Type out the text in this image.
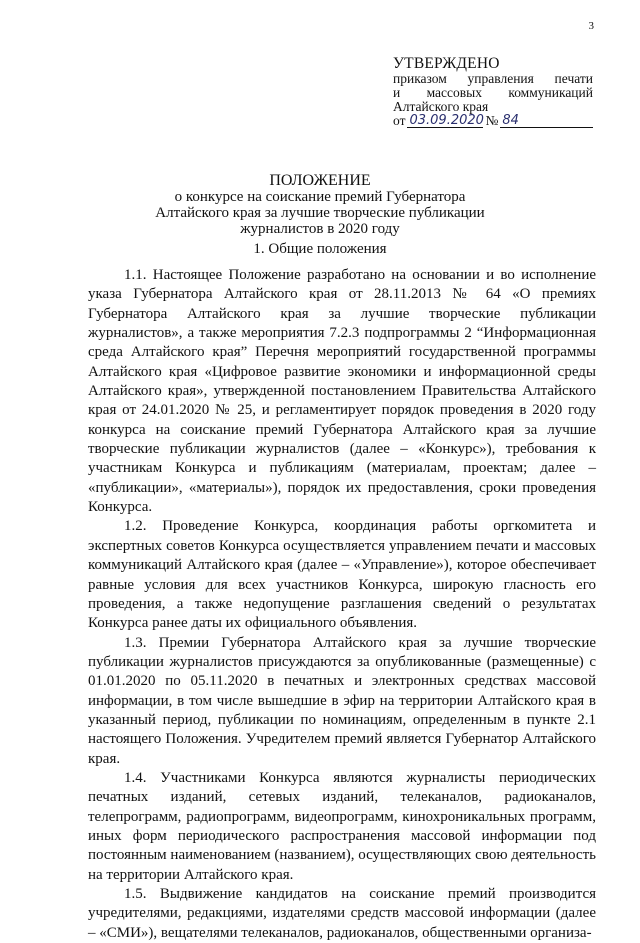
3
УТВЕРЖДЕНО
приказом управления печати
и массовых коммуникаций
Алтайского края
от 03.09.2020 № 84
ПОЛОЖЕНИЕ
о конкурсе на соискание премий Губернатора
Алтайского края за лучшие творческие публикации
журналистов в 2020 году
1. Общие положения

1.1. Настоящее Положение разработано на основании и во исполнение указа Губернатора Алтайского края от 28.11.2013 № 64 «О премиях Губернатора Алтайского края за лучшие творческие публикации журналистов», а также мероприятия 7.2.3 подпрограммы 2 “Информационная среда Алтайского края” Перечня мероприятий государственной программы Алтайского края «Цифровое развитие экономики и информационной среды Алтайского края», утвержденной постановлением Правительства Алтайского края от 24.01.2020 № 25, и регламентирует порядок проведения в 2020 году конкурса на соискание премий Губернатора Алтайского края за лучшие творческие публикации журналистов (далее – «Конкурс»), требования к участникам Конкурса и публикациям (материалам, проектам; далее – «публикации», «материалы»), порядок их предоставления, сроки проведения Конкурса.

1.2. Проведение Конкурса, координация работы оргкомитета и экспертных советов Конкурса осуществляется управлением печати и массовых коммуникаций Алтайского края (далее – «Управление»), которое обеспечивает равные условия для всех участников Конкурса, широкую гласность его проведения, а также недопущение разглашения сведений о результатах Конкурса ранее даты их официального объявления.

1.3. Премии Губернатора Алтайского края за лучшие творческие публикации журналистов присуждаются за опубликованные (размещенные) с 01.01.2020 по 05.11.2020 в печатных и электронных средствах массовой информации, в том числе вышедшие в эфир на территории Алтайского края в указанный период, публикации по номинациям, определенным в пункте 2.1 настоящего Положения. Учредителем премий является Губернатор Алтайского края.

1.4. Участниками Конкурса являются журналисты периодических печатных изданий, сетевых изданий, телеканалов, радиоканалов, телепрограмм, радиопрограмм, видеопрограмм, кинохроникальных программ, иных форм периодического распространения массовой информации под постоянным наименованием (названием), осуществляющих свою деятельность на территории Алтайского края.

1.5. Выдвижение кандидатов на соискание премий производится учредителями, редакциями, издателями средств массовой информации (далее – «СМИ»), вещателями телеканалов, радиоканалов, общественными организа-
